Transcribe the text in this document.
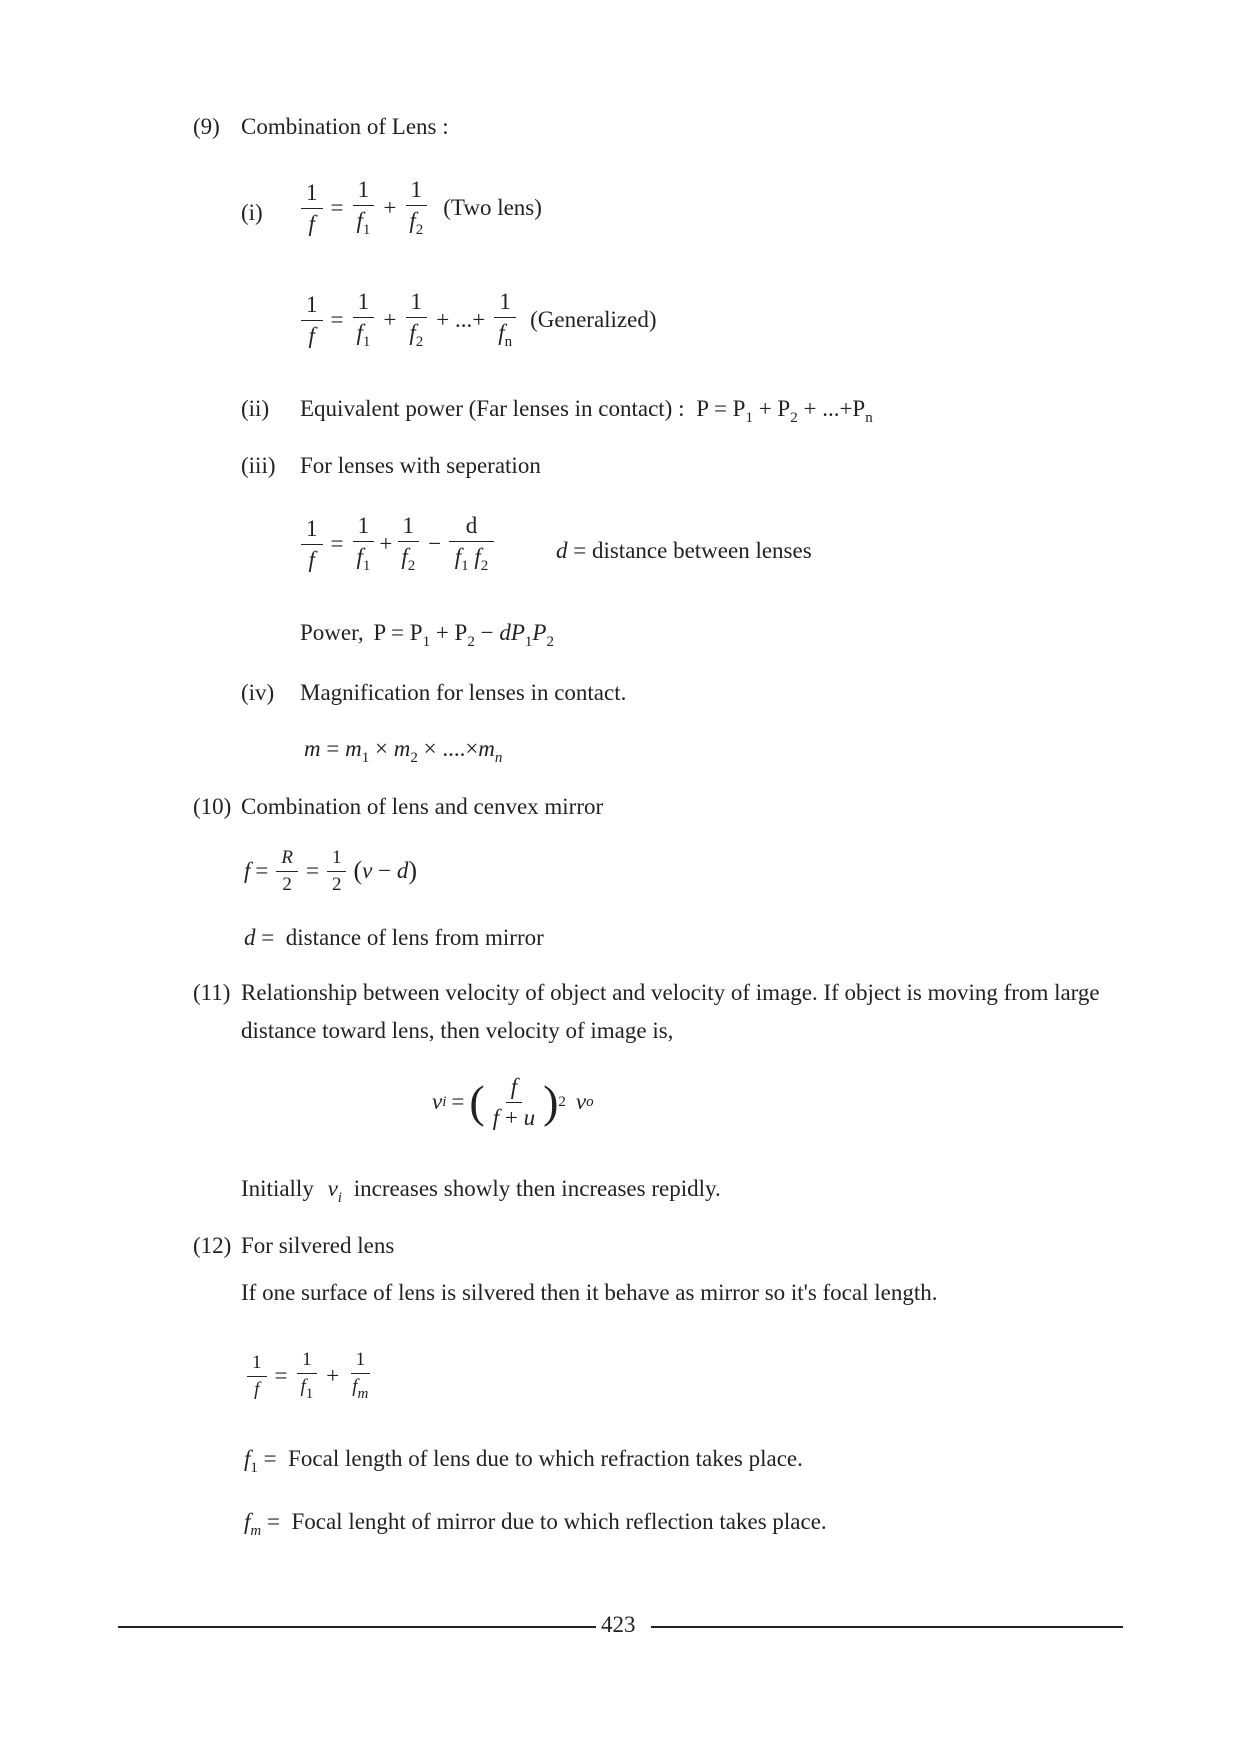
(9) Combination of Lens :
$(i) \frac{1}{f} = \frac{1}{f_1} + \frac{1}{f_2} (Two$ lens)
$\frac{1}{f} = \frac{1}{f_1} + \frac{1}{f_2}$ + ...+ $\frac{1}{f_n}$ (Generalized)
(ii) Equivalent power (Far lenses in contact) : $P = P_1 + P_2 + ...+P_n$
(iii) For lenses with seperation
$\frac{1}{f} = \frac{1}{f_1} + \frac{1}{f_2} - \frac{d}{f_1 f_2}$	d = distance between lenses
Power, $P = P_1 + P_2 - dP_1P_2$
(iv) Magnification for lenses in contact.
$m = m_1 \times m_2 \times ....\times m_n$
(10) Combination of lens and cenvex mirror
$f = \frac{R}{2} = \frac{1}{2}$ ( v − d )
d =  distance of lens from mirror
(11) Relationship between velocity of object and velocity of image. If object is moving from large
distance toward lens, then velocity of image is,
v i = ( $\frac{f}{f + u}$ ) 2 v o
Initially $v_i$ increases showly then increases repidly.
(12) For silvered lens
If one surface of lens is silvered then it behave as mirror so it's focal length.
$\frac{1}{f} = \frac{1}{f_1} + \frac{1}{f_m}$
$f_1$ =  Focal length of lens due to which refraction takes place.
$f_m$ =  Focal lenght of mirror due to which reflection takes place.
423
